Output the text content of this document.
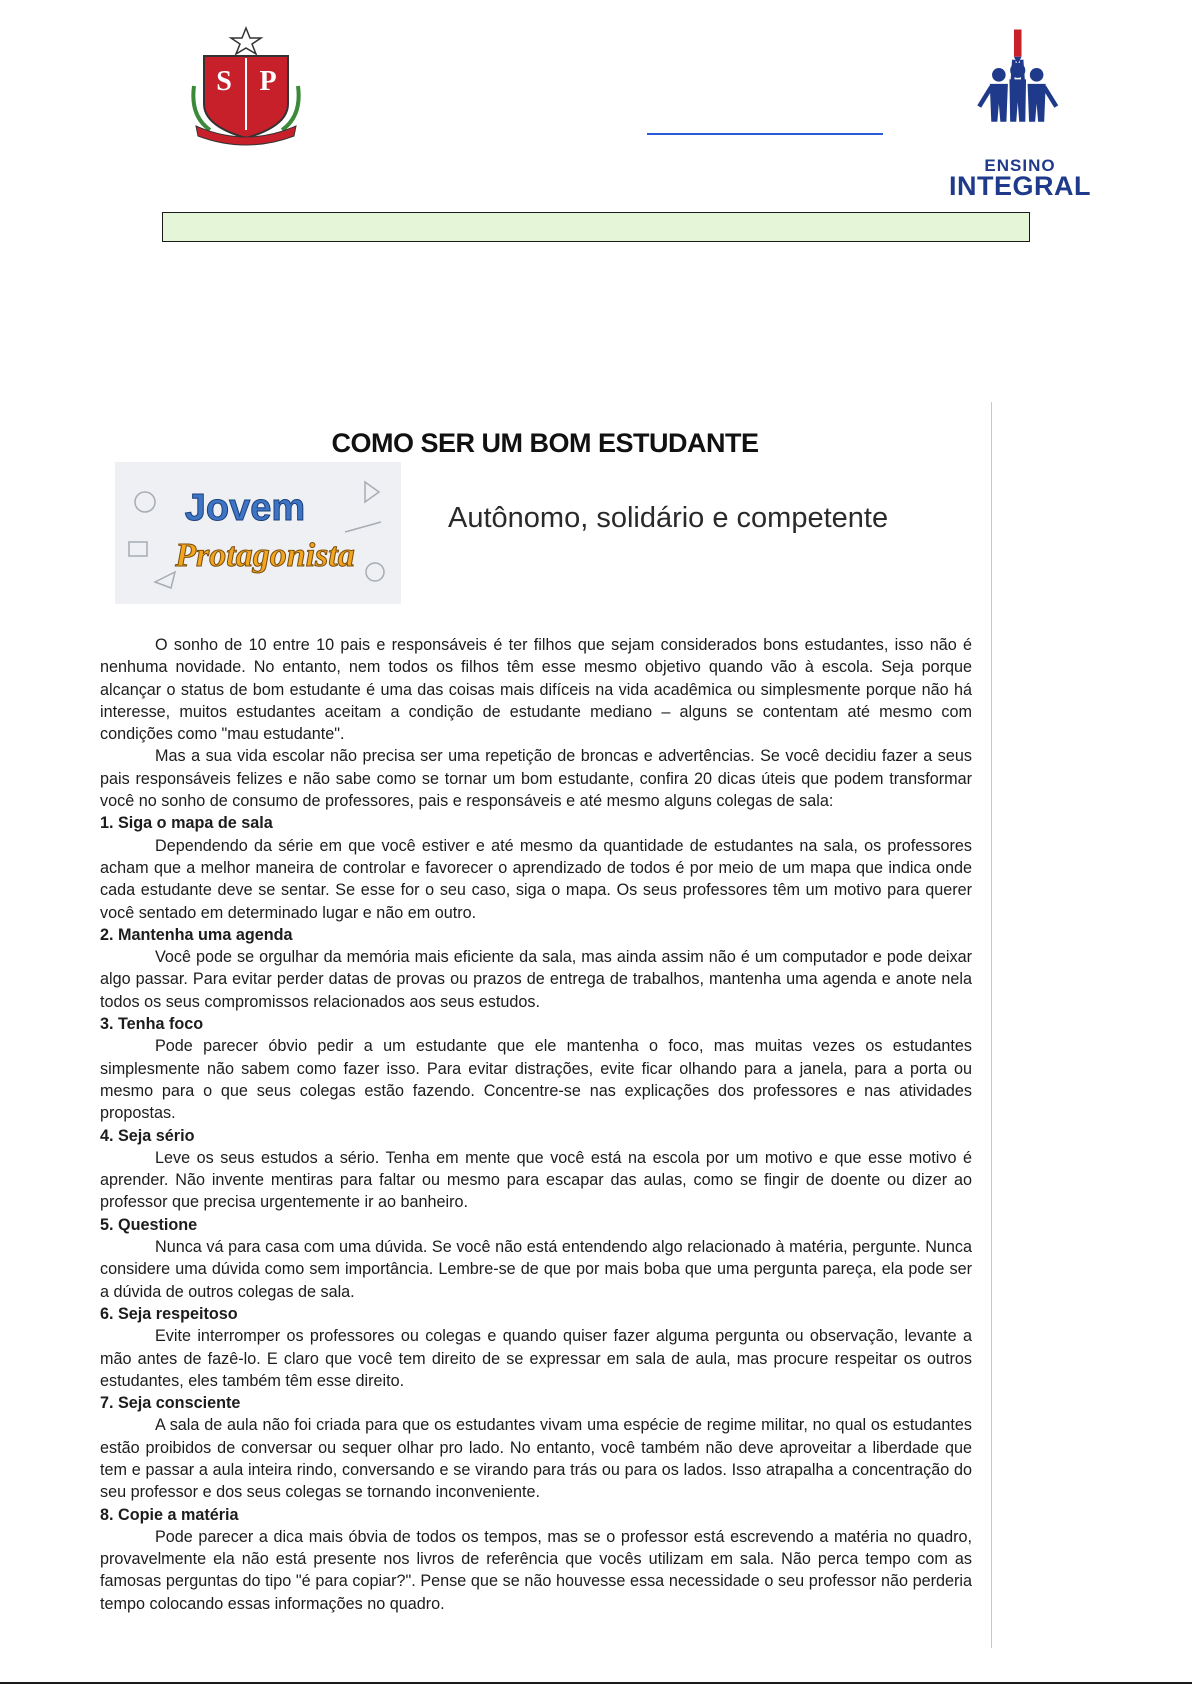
S P
ENSINO
INTEGRAL
COMO SER UM BOM ESTUDANTE
Jovem
Protagonista
Autônomo, solidário e competente

O sonho de 10 entre 10 pais e responsáveis é ter filhos que sejam considerados bons estudantes, isso não é nenhuma novidade. No entanto, nem todos os filhos têm esse mesmo objetivo quando vão à escola. Seja porque alcançar o status de bom estudante é uma das coisas mais difíceis na vida acadêmica ou simplesmente porque não há interesse, muitos estudantes aceitam a condição de estudante mediano – alguns se contentam até mesmo com condições como "mau estudante".

Mas a sua vida escolar não precisa ser uma repetição de broncas e advertências. Se você decidiu fazer a seus pais responsáveis felizes e não sabe como se tornar um bom estudante, confira 20 dicas úteis que podem transformar você no sonho de consumo de professores, pais e responsáveis e até mesmo alguns colegas de sala:

1. Siga o mapa de sala

Dependendo da série em que você estiver e até mesmo da quantidade de estudantes na sala, os professores acham que a melhor maneira de controlar e favorecer o aprendizado de todos é por meio de um mapa que indica onde cada estudante deve se sentar. Se esse for o seu caso, siga o mapa. Os seus professores têm um motivo para querer você sentado em determinado lugar e não em outro.

2. Mantenha uma agenda

Você pode se orgulhar da memória mais eficiente da sala, mas ainda assim não é um computador e pode deixar algo passar. Para evitar perder datas de provas ou prazos de entrega de trabalhos, mantenha uma agenda e anote nela todos os seus compromissos relacionados aos seus estudos.

3. Tenha foco

Pode parecer óbvio pedir a um estudante que ele mantenha o foco, mas muitas vezes os estudantes simplesmente não sabem como fazer isso. Para evitar distrações, evite ficar olhando para a janela, para a porta ou mesmo para o que seus colegas estão fazendo. Concentre-se nas explicações dos professores e nas atividades propostas.

4. Seja sério

Leve os seus estudos a sério. Tenha em mente que você está na escola por um motivo e que esse motivo é aprender. Não invente mentiras para faltar ou mesmo para escapar das aulas, como se fingir de doente ou dizer ao professor que precisa urgentemente ir ao banheiro.

5. Questione

Nunca vá para casa com uma dúvida. Se você não está entendendo algo relacionado à matéria, pergunte. Nunca considere uma dúvida como sem importância. Lembre-se de que por mais boba que uma pergunta pareça, ela pode ser a dúvida de outros colegas de sala.

6. Seja respeitoso

Evite interromper os professores ou colegas e quando quiser fazer alguma pergunta ou observação, levante a mão antes de fazê-lo. E claro que você tem direito de se expressar em sala de aula, mas procure respeitar os outros estudantes, eles também têm esse direito.

7. Seja consciente

A sala de aula não foi criada para que os estudantes vivam uma espécie de regime militar, no qual os estudantes estão proibidos de conversar ou sequer olhar pro lado. No entanto, você também não deve aproveitar a liberdade que tem e passar a aula inteira rindo, conversando e se virando para trás ou para os lados. Isso atrapalha a concentração do seu professor e dos seus colegas se tornando inconveniente.

8. Copie a matéria

Pode parecer a dica mais óbvia de todos os tempos, mas se o professor está escrevendo a matéria no quadro, provavelmente ela não está presente nos livros de referência que vocês utilizam em sala. Não perca tempo com as famosas perguntas do tipo "é para copiar?". Pense que se não houvesse essa necessidade o seu professor não perderia tempo colocando essas informações no quadro.
